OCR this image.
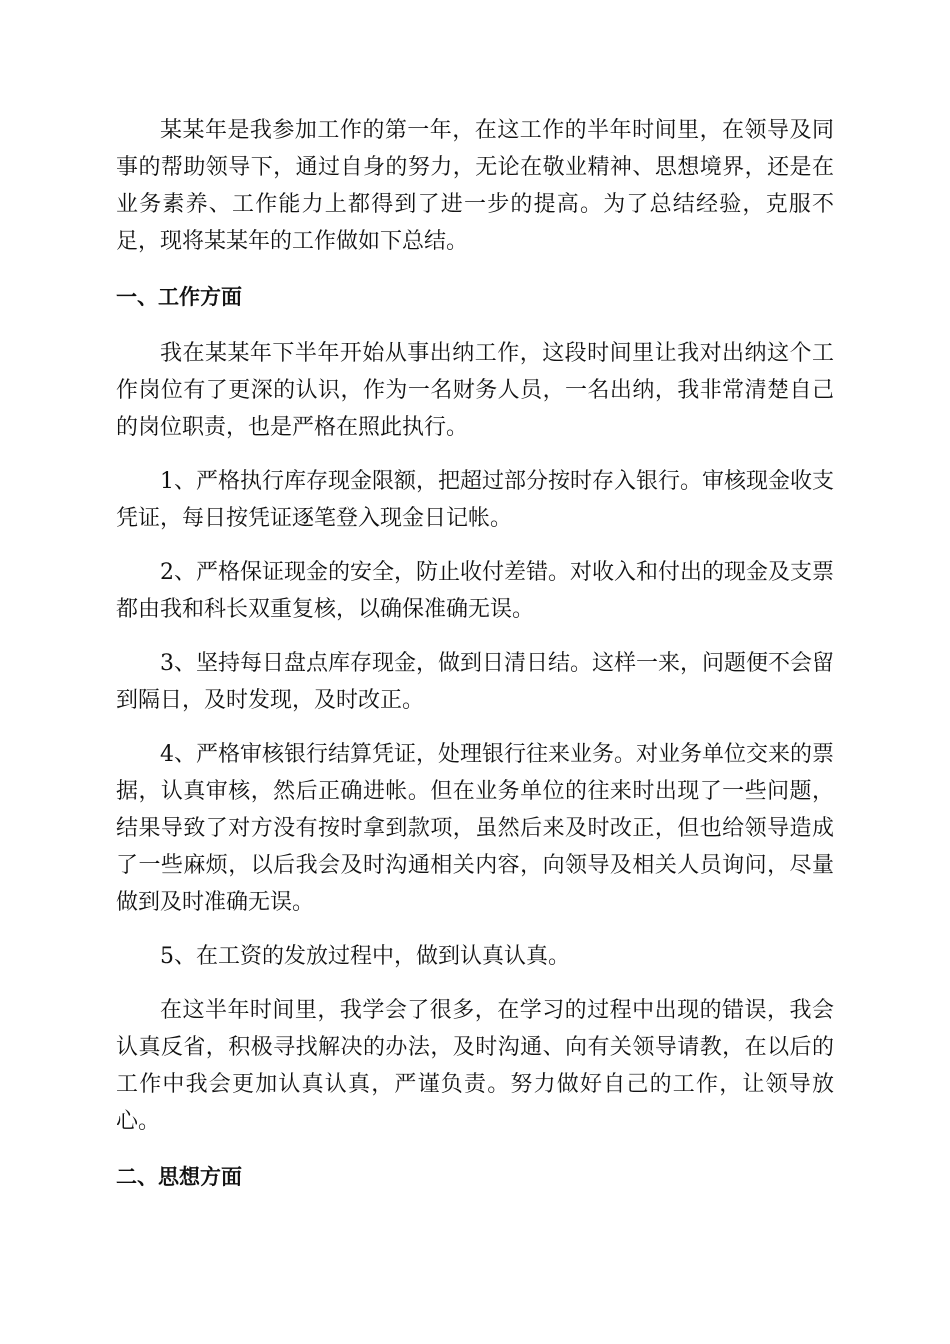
某某年是我参加工作的第一年，在这工作的半年时间里，在领导及同事的帮助领导下，通过自身的努力，无论在敬业精神、思想境界，还是在业务素养、工作能力上都得到了进一步的提高。为了总结经验，克服不足，现将某某年的工作做如下总结。

一、工作方面

我在某某年下半年开始从事出纳工作，这段时间里让我对出纳这个工作岗位有了更深的认识，作为一名财务人员，一名出纳，我非常清楚自己的岗位职责，也是严格在照此执行。

1、严格执行库存现金限额，把超过部分按时存入银行。审核现金收支凭证，每日按凭证逐笔登入现金日记帐。

2、严格保证现金的安全，防止收付差错。对收入和付出的现金及支票都由我和科长双重复核，以确保准确无误。

3、坚持每日盘点库存现金，做到日清日结。这样一来，问题便不会留到隔日，及时发现，及时改正。

4、严格审核银行结算凭证，处理银行往来业务。对业务单位交来的票据，认真审核，然后正确进帐。但在业务单位的往来时出现了一些问题，结果导致了对方没有按时拿到款项，虽然后来及时改正，但也给领导造成了一些麻烦，以后我会及时沟通相关内容，向领导及相关人员询问，尽量做到及时准确无误。

5、在工资的发放过程中，做到认真认真。

在这半年时间里，我学会了很多，在学习的过程中出现的错误，我会认真反省，积极寻找解决的办法，及时沟通、向有关领导请教，在以后的工作中我会更加认真认真，严谨负责。努力做好自己的工作，让领导放心。

二、思想方面
